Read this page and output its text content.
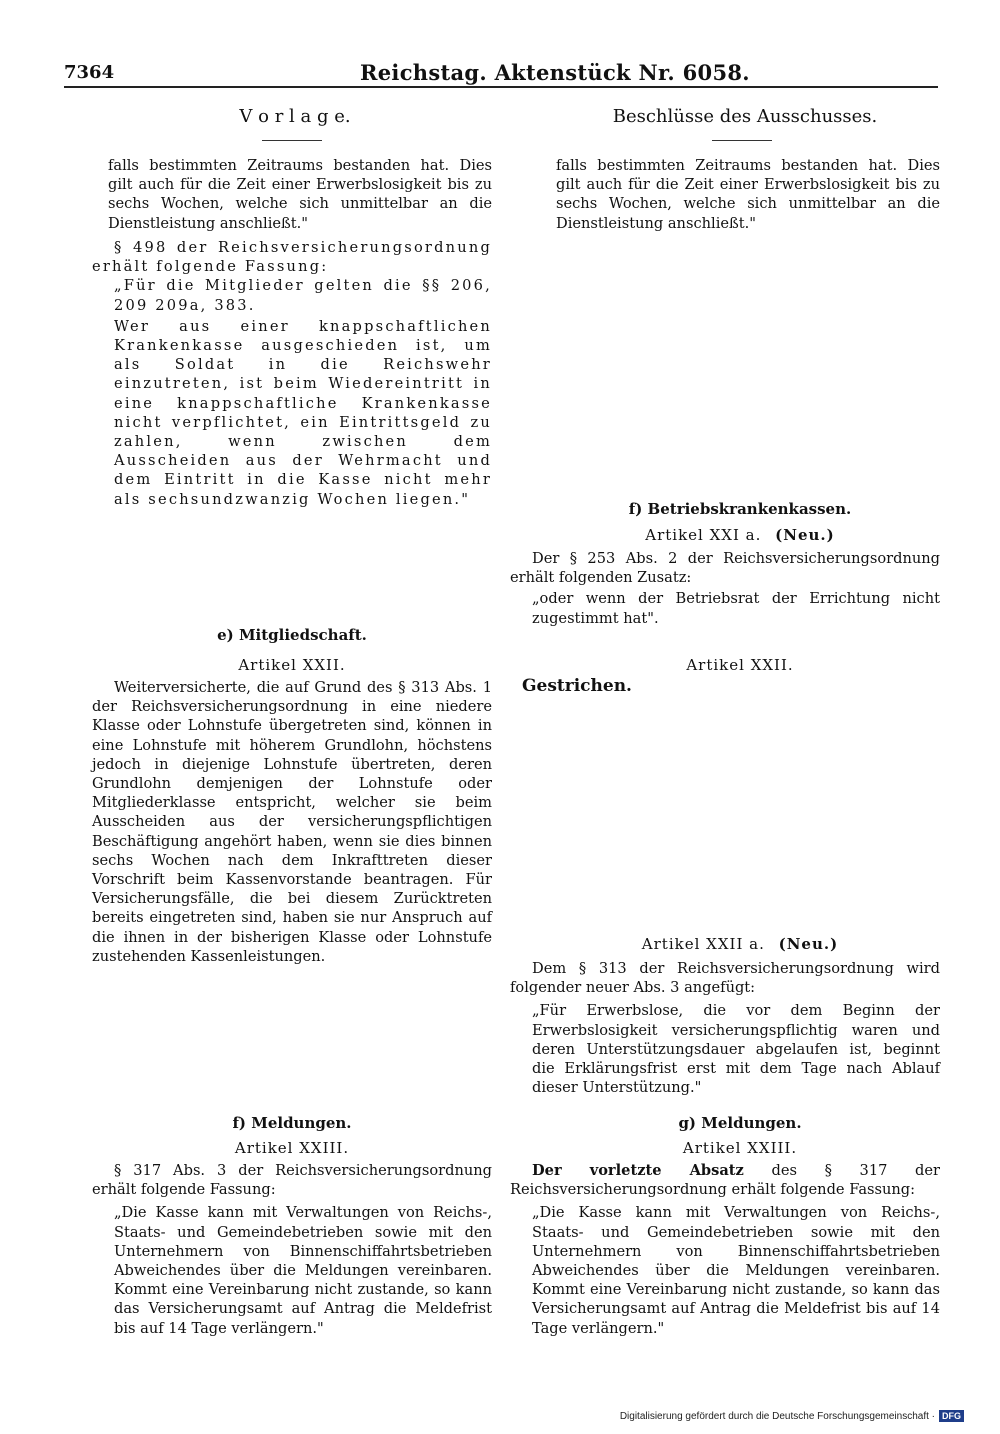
7364	Reichstag. Aktenstück Nr. 6058.
V o r l a g e.	Beschlüsse des Ausschusses.

falls bestimmten Zeitraums bestanden hat. Dies gilt auch für die Zeit einer Erwerbslosigkeit bis zu sechs Wochen, welche sich unmittelbar an die Dienstleistung anschließt."

§ 498 der Reichsversicherungsordnung erhält folgende Fassung:

„Für die Mitglieder gelten die §§ 206, 209 209a, 383.

Wer aus einer knappschaftlichen Krankenkasse ausgeschieden ist, um als Soldat in die Reichswehr einzutreten, ist beim Wiedereintritt in eine knappschaftliche Krankenkasse nicht verpflichtet, ein Eintrittsgeld zu zahlen, wenn zwischen dem Ausscheiden aus der Wehrmacht und dem Eintritt in die Kasse nicht mehr als sechsundzwanzig Wochen liegen."

e) Mitgliedschaft.
Artikel XXII.

Weiterversicherte, die auf Grund des § 313 Abs. 1 der Reichsversicherungsordnung in eine niedere Klasse oder Lohnstufe übergetreten sind, können in eine Lohnstufe mit höherem Grundlohn, höchstens jedoch in diejenige Lohnstufe übertreten, deren Grundlohn demjenigen der Lohnstufe oder Mitgliederklasse entspricht, welcher sie beim Ausscheiden aus der versicherungspflichtigen Beschäftigung angehört haben, wenn sie dies binnen sechs Wochen nach dem Inkrafttreten dieser Vorschrift beim Kassenvorstande beantragen. Für Versicherungsfälle, die bei diesem Zurücktreten bereits eingetreten sind, haben sie nur Anspruch auf die ihnen in der bisherigen Klasse oder Lohnstufe zustehenden Kassenleistungen.

f) Meldungen.
Artikel XXIII.

§ 317 Abs. 3 der Reichsversicherungsordnung erhält folgende Fassung:

„Die Kasse kann mit Verwaltungen von Reichs-, Staats- und Gemeindebetrieben sowie mit den Unternehmern von Binnenschiffahrtsbetrieben Abweichendes über die Meldungen vereinbaren. Kommt eine Vereinbarung nicht zustande, so kann das Versicherungsamt auf Antrag die Meldefrist bis auf 14 Tage verlängern."

falls bestimmten Zeitraums bestanden hat. Dies gilt auch für die Zeit einer Erwerbslosigkeit bis zu sechs Wochen, welche sich unmittelbar an die Dienstleistung anschließt."

f) Betriebskrankenkassen.
Artikel XXI a. (Neu.)

Der § 253 Abs. 2 der Reichsversicherungsordnung erhält folgenden Zusatz:

„oder wenn der Betriebsrat der Errichtung nicht zugestimmt hat".

Artikel XXII.
Gestrichen.
Artikel XXII a. (Neu.)

Dem § 313 der Reichsversicherungsordnung wird folgender neuer Abs. 3 angefügt:

„Für Erwerbslose, die vor dem Beginn der Erwerbslosigkeit versicherungspflichtig waren und deren Unterstützungsdauer abgelaufen ist, beginnt die Erklärungsfrist erst mit dem Tage nach Ablauf dieser Unterstützung."

g) Meldungen.
Artikel XXIII.

Der vorletzte Absatz des § 317 der Reichsversicherungsordnung erhält folgende Fassung:

„Die Kasse kann mit Verwaltungen von Reichs-, Staats- und Gemeindebetrieben sowie mit den Unternehmern von Binnenschiffahrtsbetrieben Abweichendes über die Meldungen vereinbaren. Kommt eine Vereinbarung nicht zustande, so kann das Versicherungsamt auf Antrag die Meldefrist bis auf 14 Tage verlängern."

Digitalisierung gefördert durch die Deutsche Forschungsgemeinschaft · DFG
